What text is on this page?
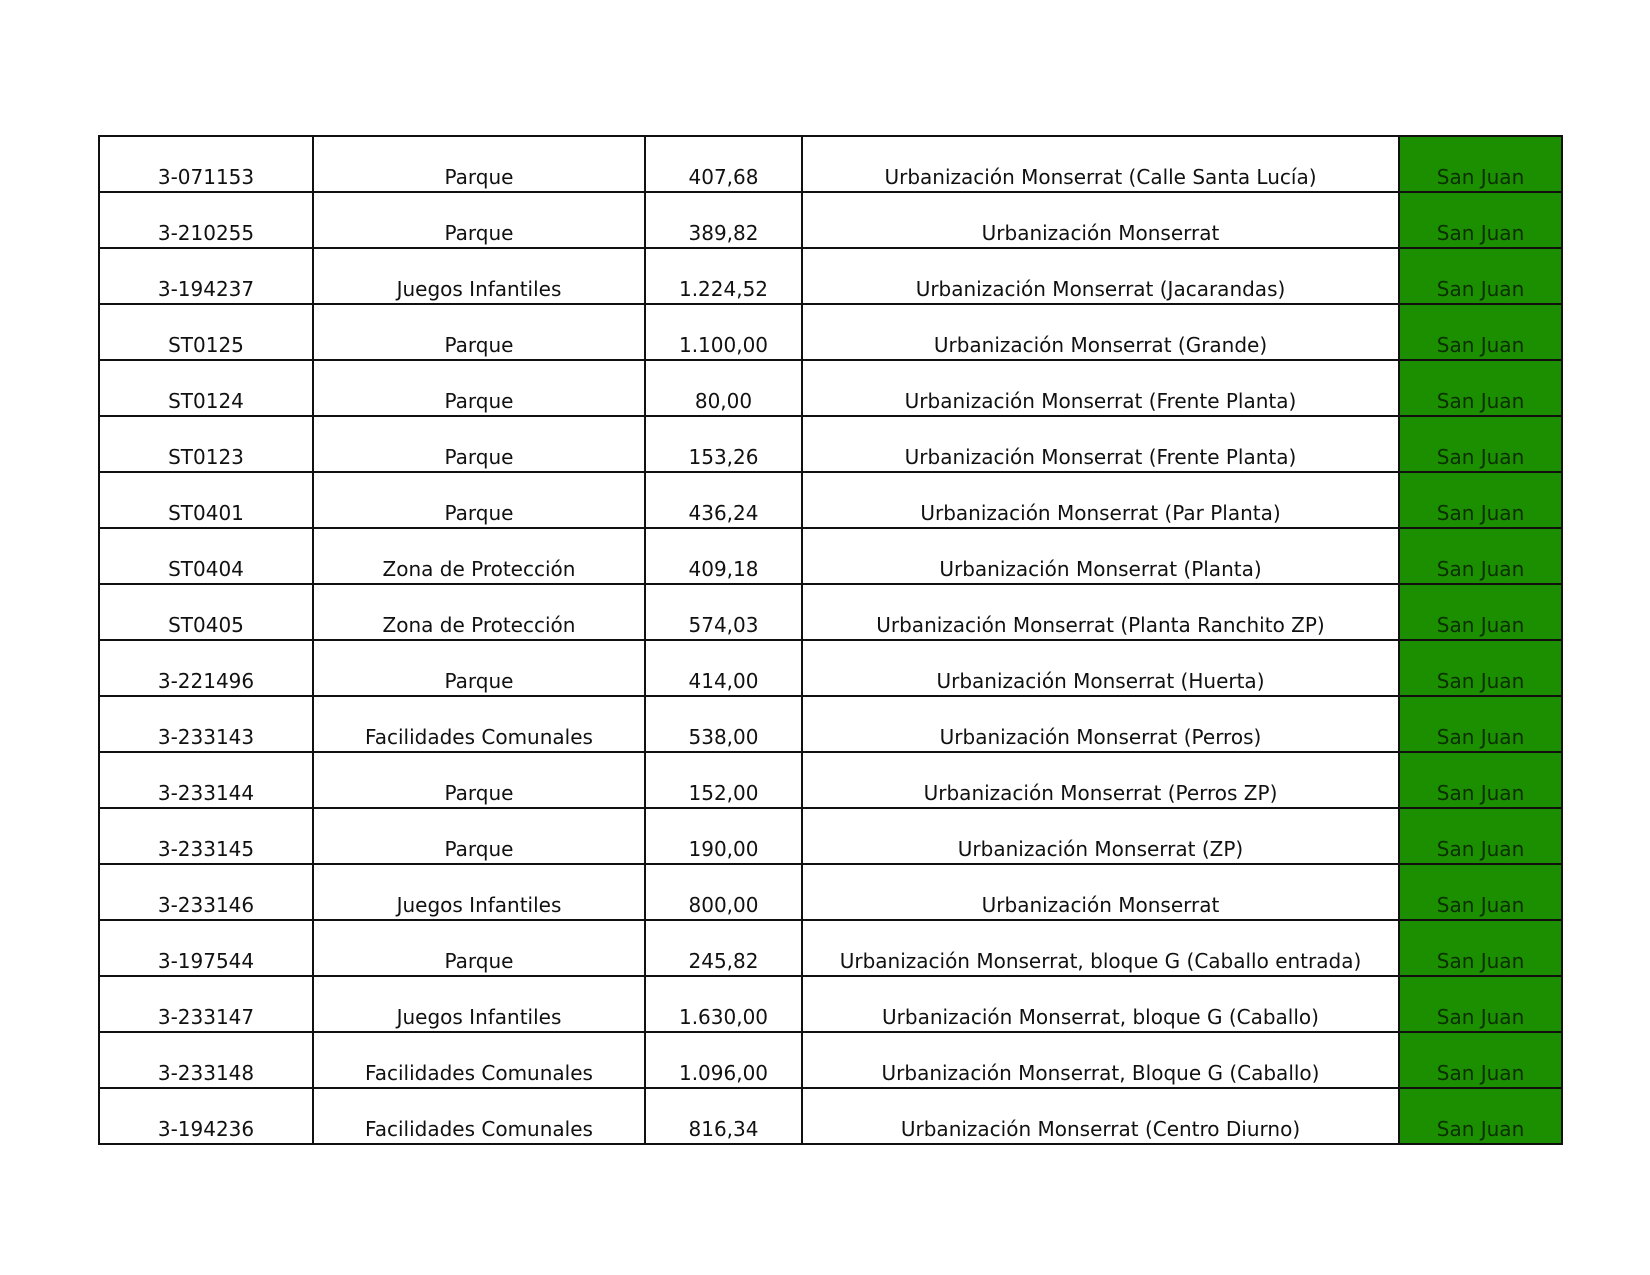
3-071153	Parque	407,68	Urbanización Monserrat (Calle Santa Lucía)	San Juan
3-210255	Parque	389,82	Urbanización Monserrat	San Juan
3-194237	Juegos Infantiles	1.224,52	Urbanización Monserrat (Jacarandas)	San Juan
ST0125	Parque	1.100,00	Urbanización Monserrat (Grande)	San Juan
ST0124	Parque	80,00	Urbanización Monserrat (Frente Planta)	San Juan
ST0123	Parque	153,26	Urbanización Monserrat (Frente Planta)	San Juan
ST0401	Parque	436,24	Urbanización Monserrat (Par Planta)	San Juan
ST0404	Zona de Protección	409,18	Urbanización Monserrat (Planta)	San Juan
ST0405	Zona de Protección	574,03	Urbanización Monserrat (Planta Ranchito ZP)	San Juan
3-221496	Parque	414,00	Urbanización Monserrat (Huerta)	San Juan
3-233143	Facilidades Comunales	538,00	Urbanización Monserrat (Perros)	San Juan
3-233144	Parque	152,00	Urbanización Monserrat (Perros ZP)	San Juan
3-233145	Parque	190,00	Urbanización Monserrat (ZP)	San Juan
3-233146	Juegos Infantiles	800,00	Urbanización Monserrat	San Juan
3-197544	Parque	245,82	Urbanización Monserrat, bloque G (Caballo entrada)	San Juan
3-233147	Juegos Infantiles	1.630,00	Urbanización Monserrat, bloque G (Caballo)	San Juan
3-233148	Facilidades Comunales	1.096,00	Urbanización Monserrat, Bloque G (Caballo)	San Juan
3-194236	Facilidades Comunales	816,34	Urbanización Monserrat (Centro Diurno)	San Juan
